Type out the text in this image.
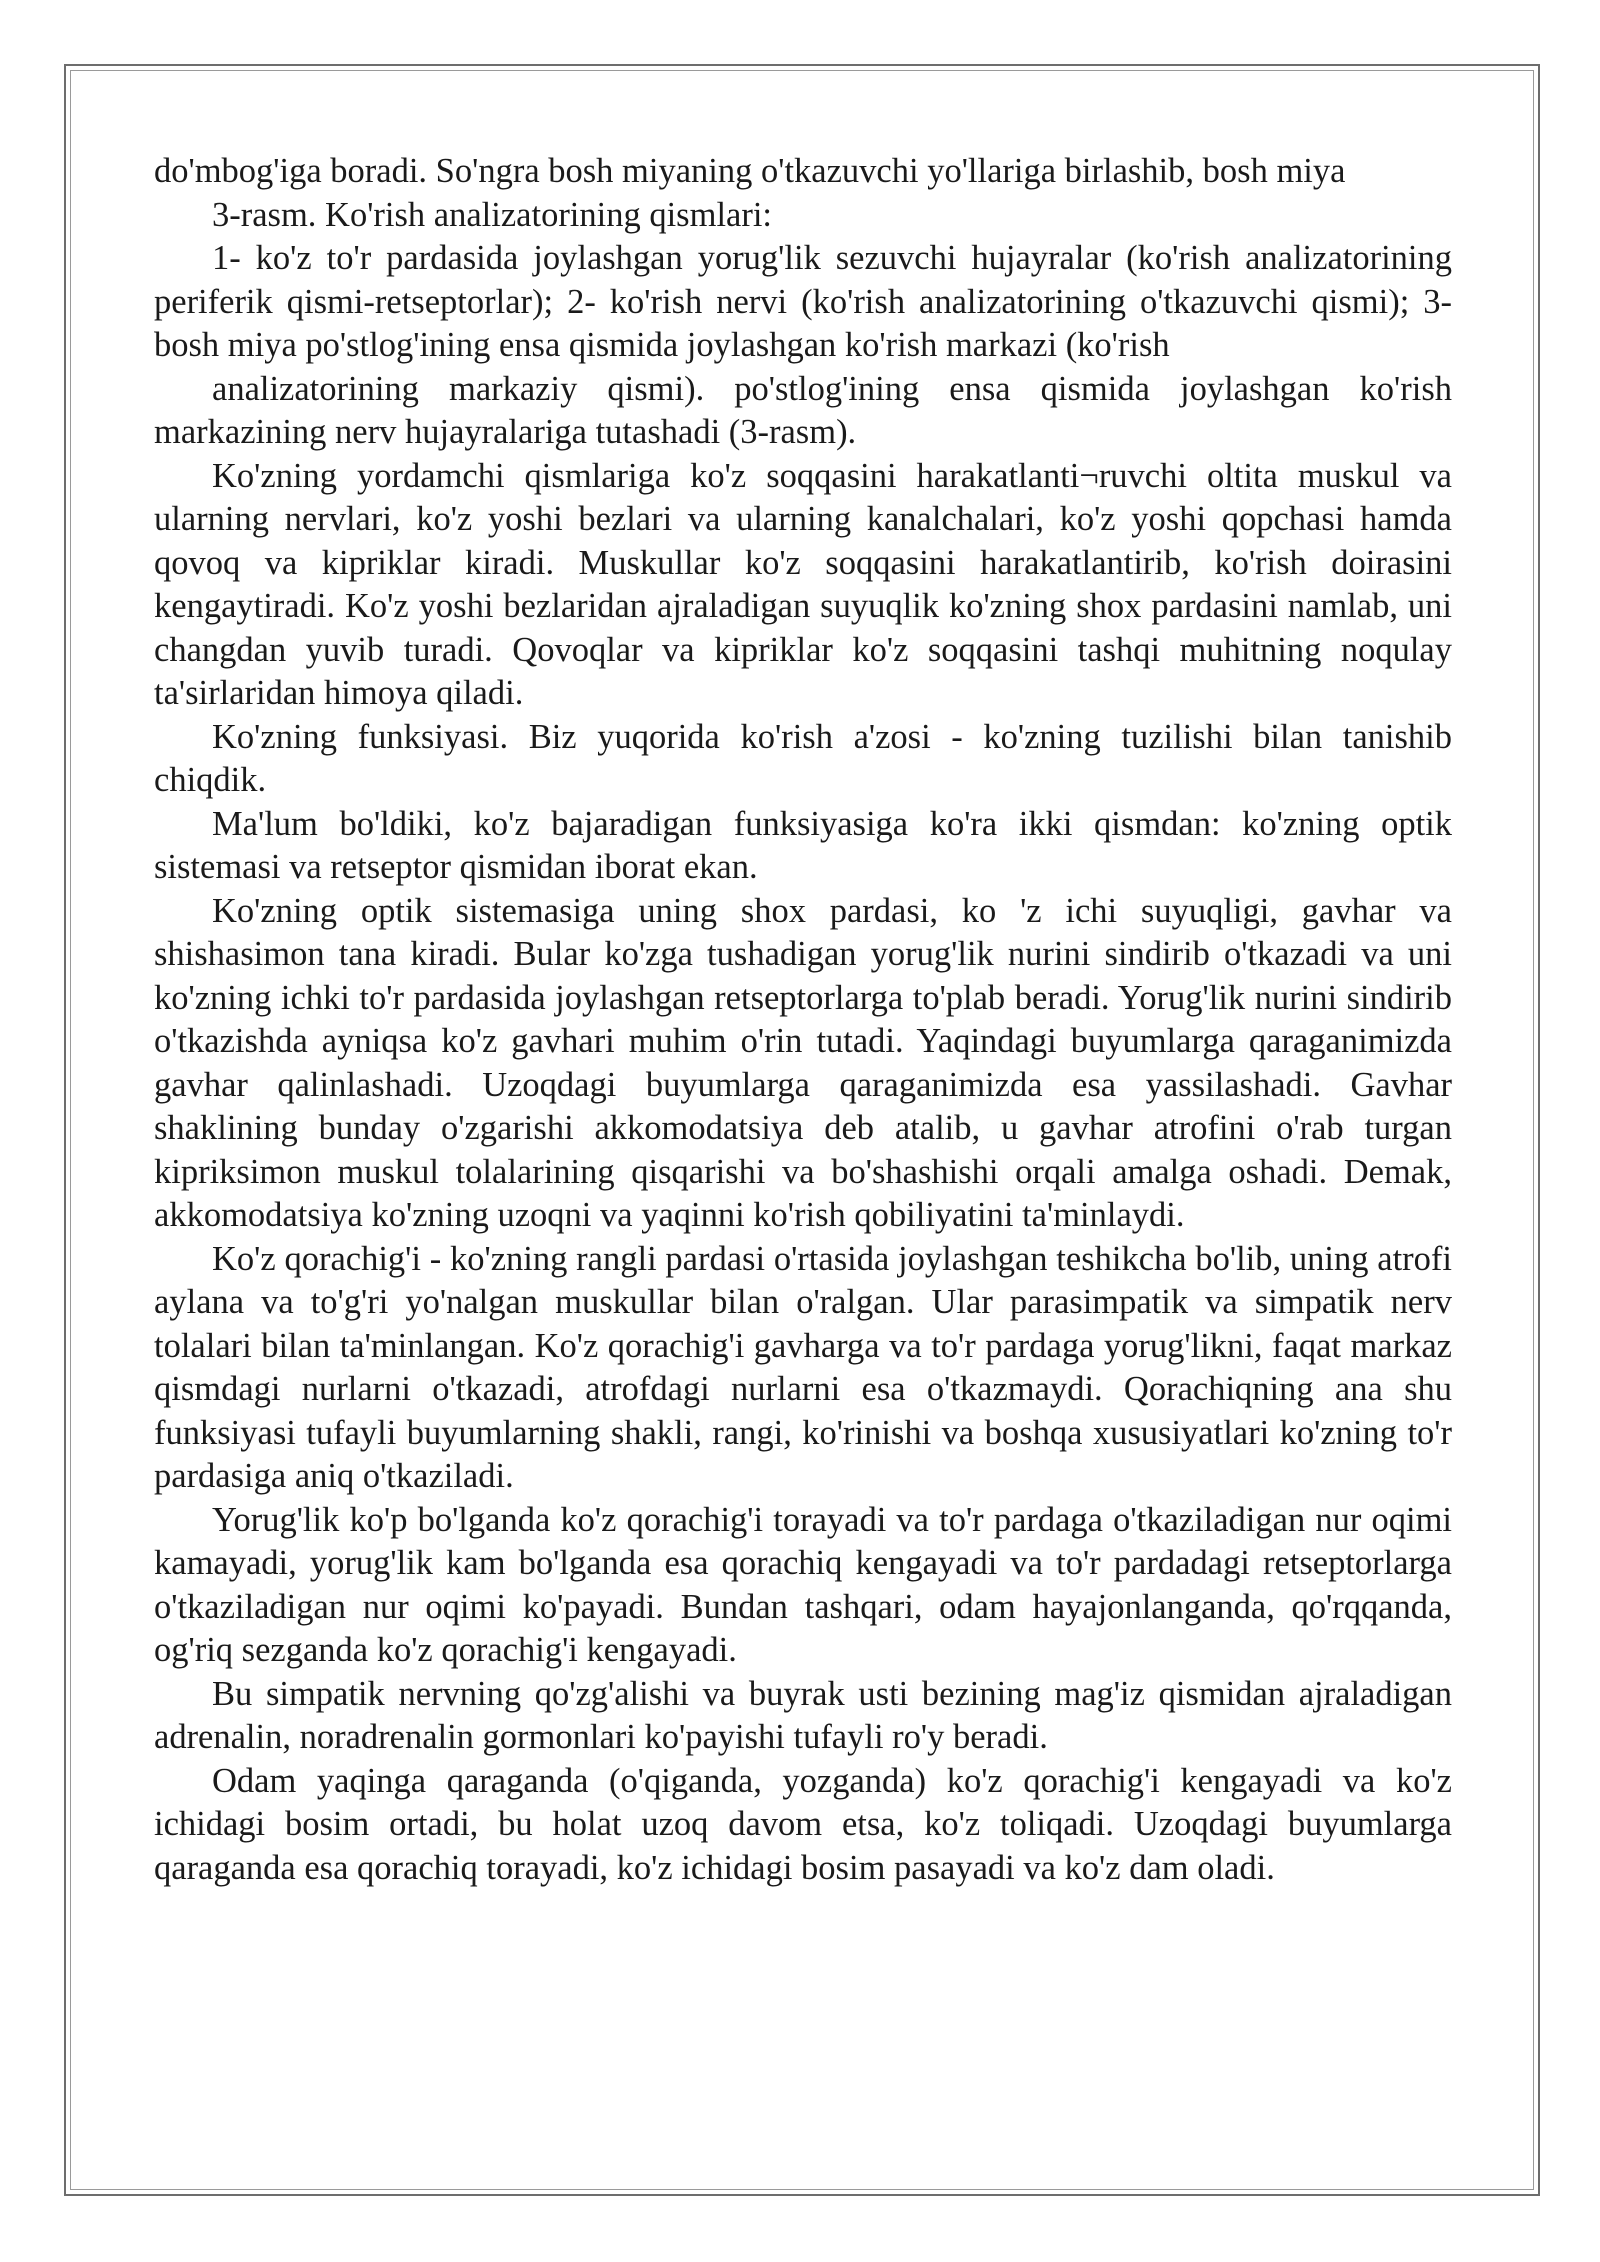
do'mbog'iga boradi. So'ngra bosh miyaning o'tkazuvchi yo'llariga birlashib, bosh miya

3-rasm. Ko'rish analizatorining qismlari:

1- ko'z to'r pardasida joylashgan yorug'lik sezuvchi hujayralar (ko'rish analizatorining periferik qismi-retseptorlar); 2- ko'rish nervi (ko'rish analizatorining o'tkazuvchi qismi); 3- bosh miya po'stlog'ining ensa qismida joylashgan ko'rish markazi (ko'rish

analizatorining markaziy qismi). po'stlog'ining ensa qismida joylashgan ko'rish markazining nerv hujayralariga tutashadi (3-rasm).

Ko'zning yordamchi qismlariga ko'z soqqasini harakatlanti¬ruvchi oltita muskul va ularning nervlari, ko'z yoshi bezlari va ularning kanalchalari, ko'z yoshi qopchasi hamda qovoq va kipriklar kiradi. Muskullar ko'z soqqasini harakatlantirib, ko'rish doirasini kengaytiradi. Ko'z yoshi bezlaridan ajraladigan suyuqlik ko'zning shox pardasini namlab, uni changdan yuvib turadi. Qovoqlar va kipriklar ko'z soqqasini tashqi muhitning noqulay ta'sirlaridan himoya qiladi.

Ko'zning funksiyasi. Biz yuqorida ko'rish a'zosi - ko'zning tuzilishi bilan tanishib chiqdik.

Ma'lum bo'ldiki, ko'z bajaradigan funksiyasiga ko'ra ikki qismdan: ko'zning optik sistemasi va retseptor qismidan iborat ekan.

Ko'zning optik sistemasiga uning shox pardasi, ko 'z ichi suyuqligi, gavhar va shishasimon tana kiradi. Bular ko'zga tushadigan yorug'lik nurini sindirib o'tkazadi va uni ko'zning ichki to'r pardasida joylashgan retseptorlarga to'plab beradi. Yorug'lik nurini sindirib o'tkazishda ayniqsa ko'z gavhari muhim o'rin tutadi. Yaqindagi buyumlarga qaraganimizda gavhar qalinlashadi. Uzoqdagi buyumlarga qaraganimizda esa yassilashadi. Gavhar shaklining bunday o'zgarishi akkomodatsiya deb atalib, u gavhar atrofini o'rab turgan kipriksimon muskul tolalarining qisqarishi va bo'shashishi orqali amalga oshadi. Demak, akkomodatsiya ko'zning uzoqni va yaqinni ko'rish qobiliyatini ta'minlaydi.

Ko'z qorachig'i - ko'zning rangli pardasi o'rtasida joylashgan teshikcha bo'lib, uning atrofi aylana va to'g'ri yo'nalgan muskullar bilan o'ralgan. Ular parasimpatik va simpatik nerv tolalari bilan ta'minlangan. Ko'z qorachig'i gavharga va to'r pardaga yorug'likni, faqat markaz qismdagi nurlarni o'tkazadi, atrofdagi nurlarni esa o'tkazmaydi. Qorachiqning ana shu funksiyasi tufayli buyumlarning shakli, rangi, ko'rinishi va boshqa xususiyatlari ko'zning to'r pardasiga aniq o'tkaziladi.

Yorug'lik ko'p bo'lganda ko'z qorachig'i torayadi va to'r pardaga o'tkaziladigan nur oqimi kamayadi, yorug'lik kam bo'lganda esa qorachiq kengayadi va to'r pardadagi retseptorlarga o'tkaziladigan nur oqimi ko'payadi. Bundan tashqari, odam hayajonlanganda, qo'rqqanda, og'riq sezganda ko'z qorachig'i kengayadi.

Bu simpatik nervning qo'zg'alishi va buyrak usti bezining mag'iz qismidan ajraladigan adrenalin, noradrenalin gormonlari ko'payishi tufayli ro'y beradi.

Odam yaqinga qaraganda (o'qiganda, yozganda) ko'z qorachig'i kengayadi va ko'z ichidagi bosim ortadi, bu holat uzoq davom etsa, ko'z toliqadi. Uzoqdagi buyumlarga qaraganda esa qorachiq torayadi, ko'z ichidagi bosim pasayadi va ko'z dam oladi.
